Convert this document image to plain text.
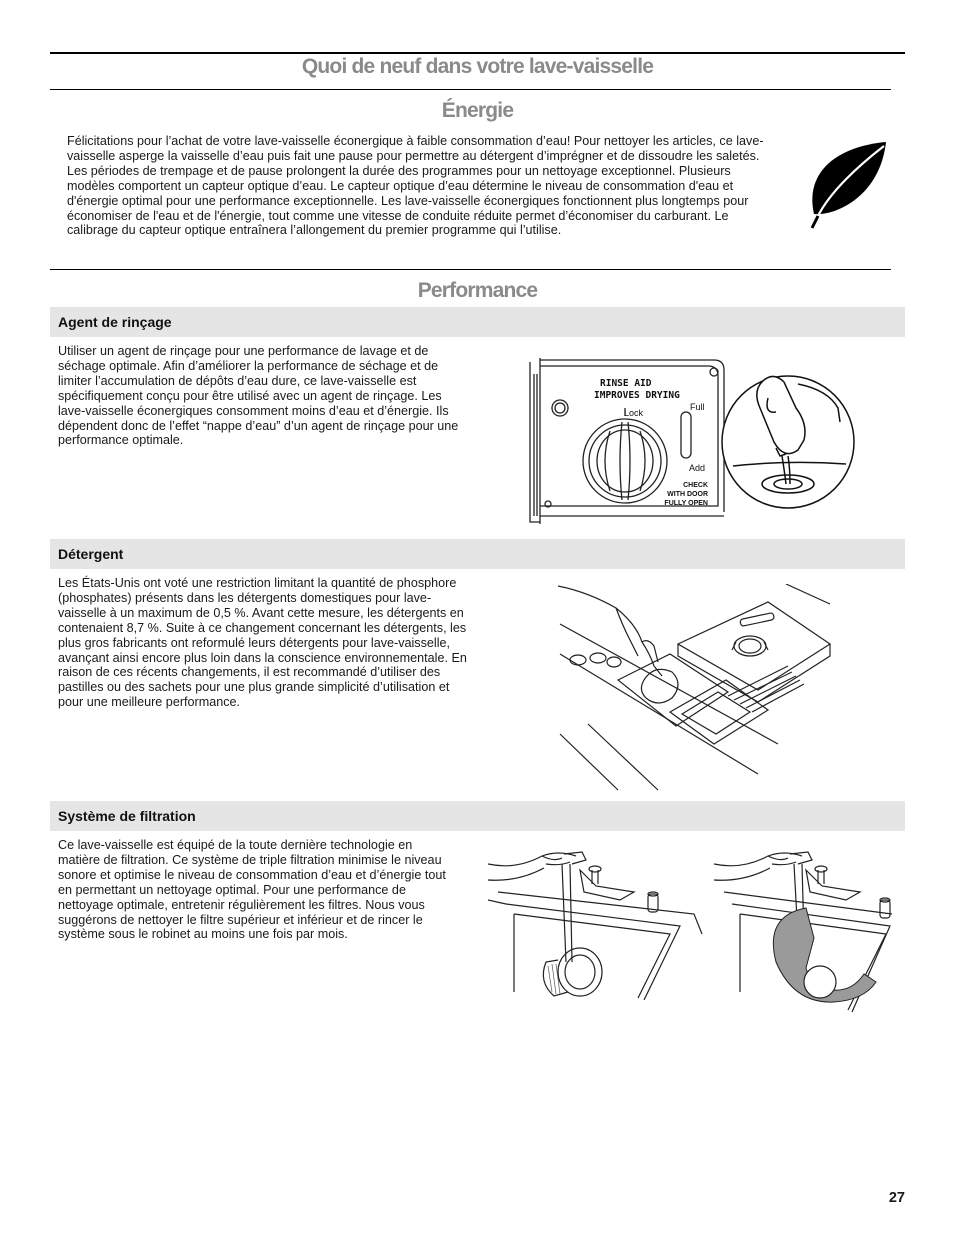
Quoi de neuf dans votre lave-vaisselle
Énergie

Félicitations pour l’achat de votre lave-vaisselle éconergique à faible consommation d’eau! Pour nettoyer les articles, ce lave-vaisselle asperge la vaisselle d’eau puis fait une pause pour permettre au détergent d’imprégner et de dissoudre les saletés. Les périodes de trempage et de pause prolongent la durée des programmes pour un nettoyage exceptionnel. Plusieurs modèles comportent un capteur optique d’eau. Le capteur optique d’eau détermine le niveau de consommation d'eau et d'énergie optimal pour une performance exceptionnelle. Les lave-vaisselle éconergiques fonctionnent plus longtemps pour économiser de l'eau et de l'énergie, tout comme une vitesse de conduite réduite permet d’économiser du carburant. Le calibrage du capteur optique entraînera l’allongement du premier programme qui l’utilise.

Performance
Agent de rinçage

Utiliser un agent de rinçage pour une performance de lavage et de séchage optimale. Afin d’améliorer la performance de séchage et de limiter l’accumulation de dépôts d’eau dure, ce lave-vaisselle est spécifiquement conçu pour être utilisé avec un agent de rinçage. Les lave-vaisselle éconergiques consomment moins d’eau et d’énergie. Ils dépendent donc de l’effet “nappe d’eau” d’un agent de rinçage pour une performance optimale.

RINSE AID
IMPROVES DRYING
Lock
Full
Add
CHECK
WITH DOOR
FULLY OPEN
Détergent

Les États-Unis ont voté une restriction limitant la quantité de phosphore (phosphates) présents dans les détergents domestiques pour lave-vaisselle à un maximum de 0,5 %. Avant cette mesure, les détergents en contenaient 8,7 %. Suite à ce changement concernant les détergents, les plus gros fabricants ont reformulé leurs détergents pour lave-vaisselle, avançant ainsi encore plus loin dans la conscience environnementale. En raison de ces récents changements, il est recommandé d’utiliser des pastilles ou des sachets pour une plus grande simplicité d’utilisation et pour une meilleure performance.

Système de filtration

Ce lave-vaisselle est équipé de la toute dernière technologie en matière de filtration. Ce système de triple filtration minimise le niveau sonore et optimise le niveau de consommation d’eau et d’énergie tout en permettant un nettoyage optimal. Pour une performance de nettoyage optimale, entretenir régulièrement les filtres. Nous vous suggérons de nettoyer le filtre supérieur et inférieur et de rincer le système sous le robinet au moins une fois par mois.

27
